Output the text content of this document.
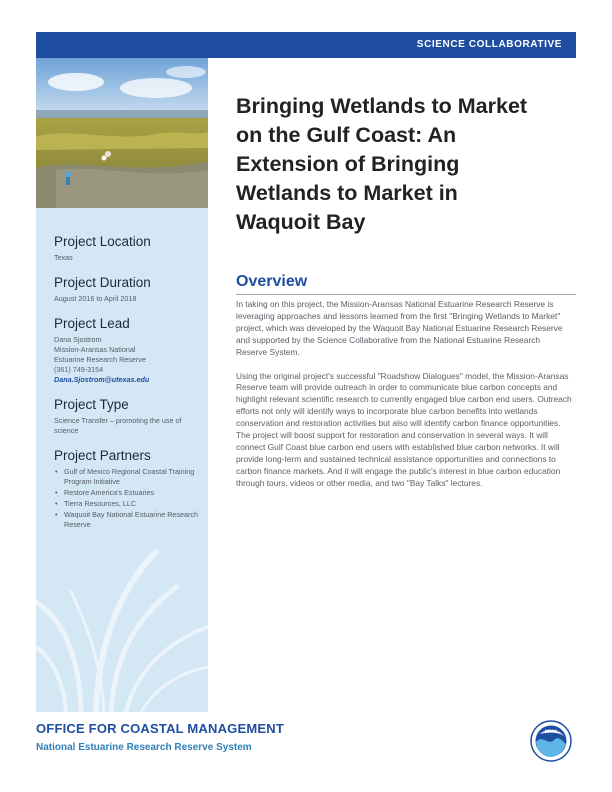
SCIENCE COLLABORATIVE
Project Location

Texas

Project Duration

August 2016 to April 2018

Project Lead

Dana Sjostrom

Mission-Aransas National

Estuarine Research Reserve

(361) 749-3154

Dana.Sjostrom@utexas.edu

Project Type

Science Transfer – promoting the use of science

Project Partners
• Gulf of Mexico Regional Coastal Training Program Initiative
• Restore America's Estuaries
• Tierra Resources, LLC
• Waquoit Bay National Estuarine Research Reserve
Bringing Wetlands to Market on the Gulf Coast: An Extension of Bringing Wetlands to Market in Waquoit Bay
Overview

In taking on this project, the Mission-Aransas National Estuarine Research Reserve is leveraging approaches and lessons learned from the first "Bringing Wetlands to Market" project, which was developed by the Waquoit Bay National Estuarine Research Reserve and supported by the Science Collaborative from the National Estuarine Research Reserve System.

Using the original project's successful "Roadshow Dialogues" model, the Mission-Aransas Reserve team will provide outreach in order to communicate blue carbon concepts and highlight relevant scientific research to currently engaged blue carbon end users. Outreach efforts not only will identify ways to incorporate blue carbon benefits into wetlands conservation and restoration activities but also will identify carbon finance opportunities. The project will boost support for restoration and conservation in several ways. It will connect Gulf Coast blue carbon end users with established blue carbon networks. It will provide long-term and sustained technical assistance opportunities and connections to carbon finance markets. And it will engage the public's interest in blue carbon education through tours, videos or other media, and two "Bay Talks" lectures.

OFFICE FOR COASTAL MANAGEMENT
National Estuarine Research Reserve System
NOAA
